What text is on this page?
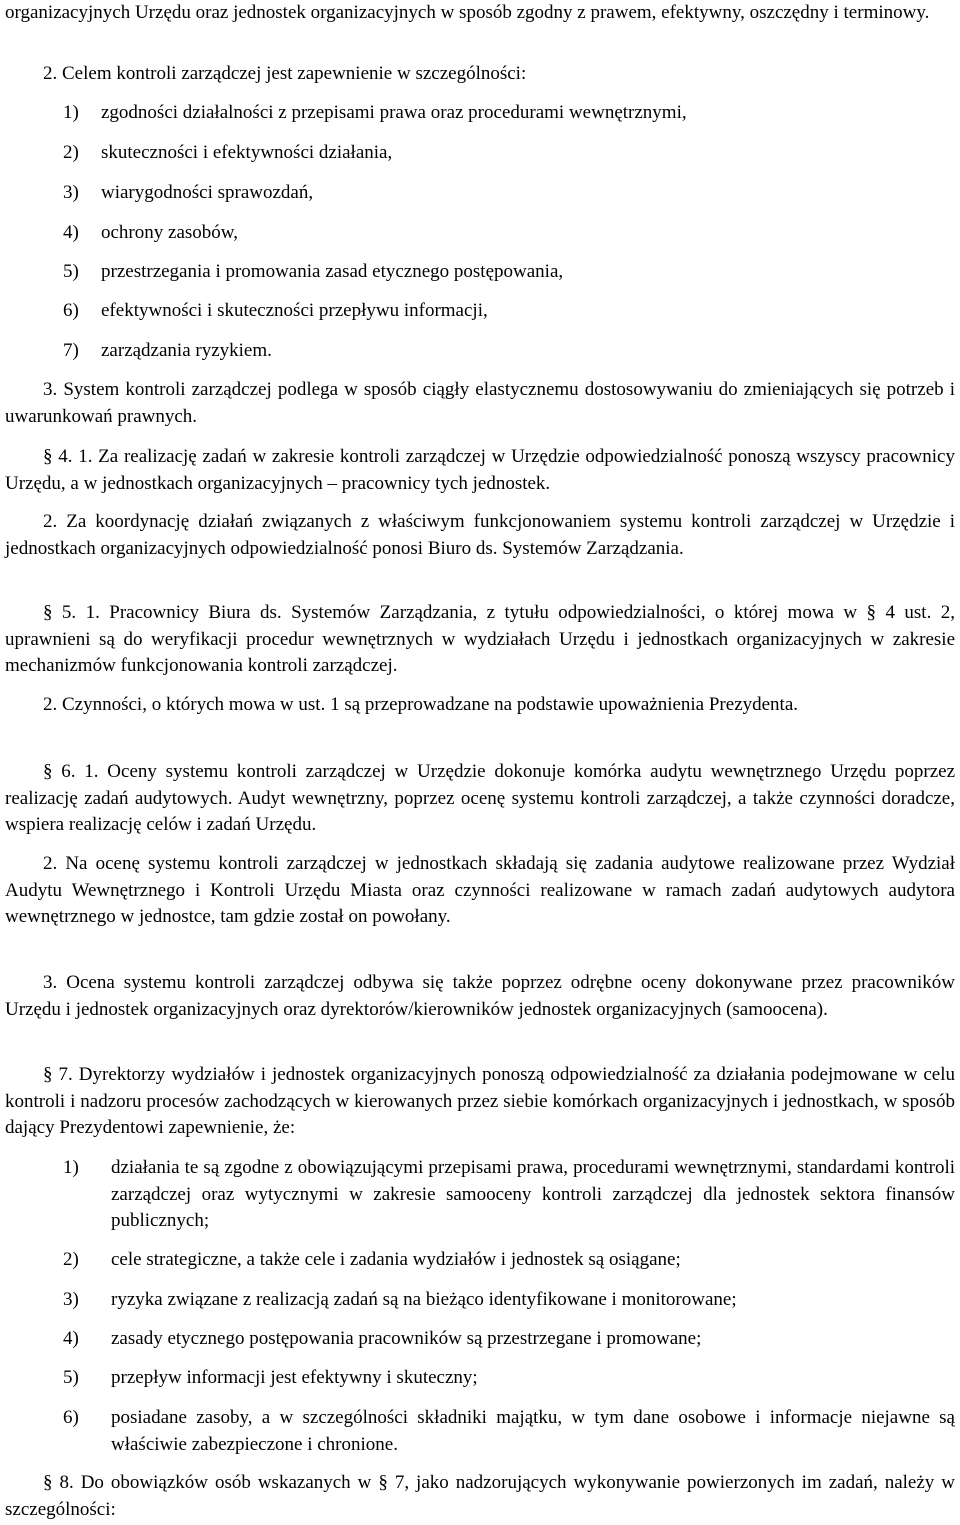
organizacyjnych Urzędu oraz jednostek organizacyjnych w sposób zgodny z prawem, efektywny, oszczędny i terminowy.

2. Celem kontroli zarządczej jest zapewnienie w szczególności:

1) zgodności działalności z przepisami prawa oraz procedurami wewnętrznymi,
2) skuteczności i efektywności działania,
3) wiarygodności sprawozdań,
4) ochrony zasobów,
5) przestrzegania i promowania zasad etycznego postępowania,
6) efektywności i skuteczności przepływu informacji,
7) zarządzania ryzykiem.

3. System kontroli zarządczej podlega w sposób ciągły elastycznemu dostosowywaniu do zmieniających się potrzeb i uwarunkowań prawnych.

§ 4. 1. Za realizację zadań w zakresie kontroli zarządczej w Urzędzie odpowiedzialność ponoszą wszyscy pracownicy Urzędu, a w jednostkach organizacyjnych – pracownicy tych jednostek.

2. Za koordynację działań związanych z właściwym funkcjonowaniem systemu kontroli zarządczej w Urzędzie i jednostkach organizacyjnych odpowiedzialność ponosi Biuro ds. Systemów Zarządzania.

§ 5. 1. Pracownicy Biura ds. Systemów Zarządzania, z tytułu odpowiedzialności, o której mowa w § 4 ust. 2, uprawnieni są do weryfikacji procedur wewnętrznych w wydziałach Urzędu i jednostkach organizacyjnych w zakresie mechanizmów funkcjonowania kontroli zarządczej.

2. Czynności, o których mowa w ust. 1 są przeprowadzane na podstawie upoważnienia Prezydenta.

§ 6. 1. Oceny systemu kontroli zarządczej w Urzędzie dokonuje komórka audytu wewnętrznego Urzędu poprzez realizację zadań audytowych. Audyt wewnętrzny, poprzez ocenę systemu kontroli zarządczej, a także czynności doradcze, wspiera realizację celów i zadań Urzędu.

2. Na ocenę systemu kontroli zarządczej w jednostkach składają się zadania audytowe realizowane przez Wydział Audytu Wewnętrznego i Kontroli Urzędu Miasta oraz czynności realizowane w ramach zadań audytowych audytora wewnętrznego w jednostce, tam gdzie został on powołany.

3. Ocena systemu kontroli zarządczej odbywa się także poprzez odrębne oceny dokonywane przez pracowników Urzędu i jednostek organizacyjnych oraz dyrektorów/kierowników jednostek organizacyjnych (samoocena).

§ 7. Dyrektorzy wydziałów i jednostek organizacyjnych ponoszą odpowiedzialność za działania podejmowane w celu kontroli i nadzoru procesów zachodzących w kierowanych przez siebie komórkach organizacyjnych i jednostkach, w sposób dający Prezydentowi zapewnienie, że:

1) działania te są zgodne z obowiązującymi przepisami prawa, procedurami wewnętrznymi, standardami kontroli zarządczej oraz wytycznymi w zakresie samooceny kontroli zarządczej dla jednostek sektora finansów publicznych;
2) cele strategiczne, a także cele i zadania wydziałów i jednostek są osiągane;
3) ryzyka związane z realizacją zadań są na bieżąco identyfikowane i monitorowane;
4) zasady etycznego postępowania pracowników są przestrzegane i promowane;
5) przepływ informacji jest efektywny i skuteczny;
6) posiadane zasoby, a w szczególności składniki majątku, w tym dane osobowe i informacje niejawne są właściwie zabezpieczone i chronione.

§ 8. Do obowiązków osób wskazanych w § 7, jako nadzorujących wykonywanie powierzonych im zadań, należy w szczególności:
